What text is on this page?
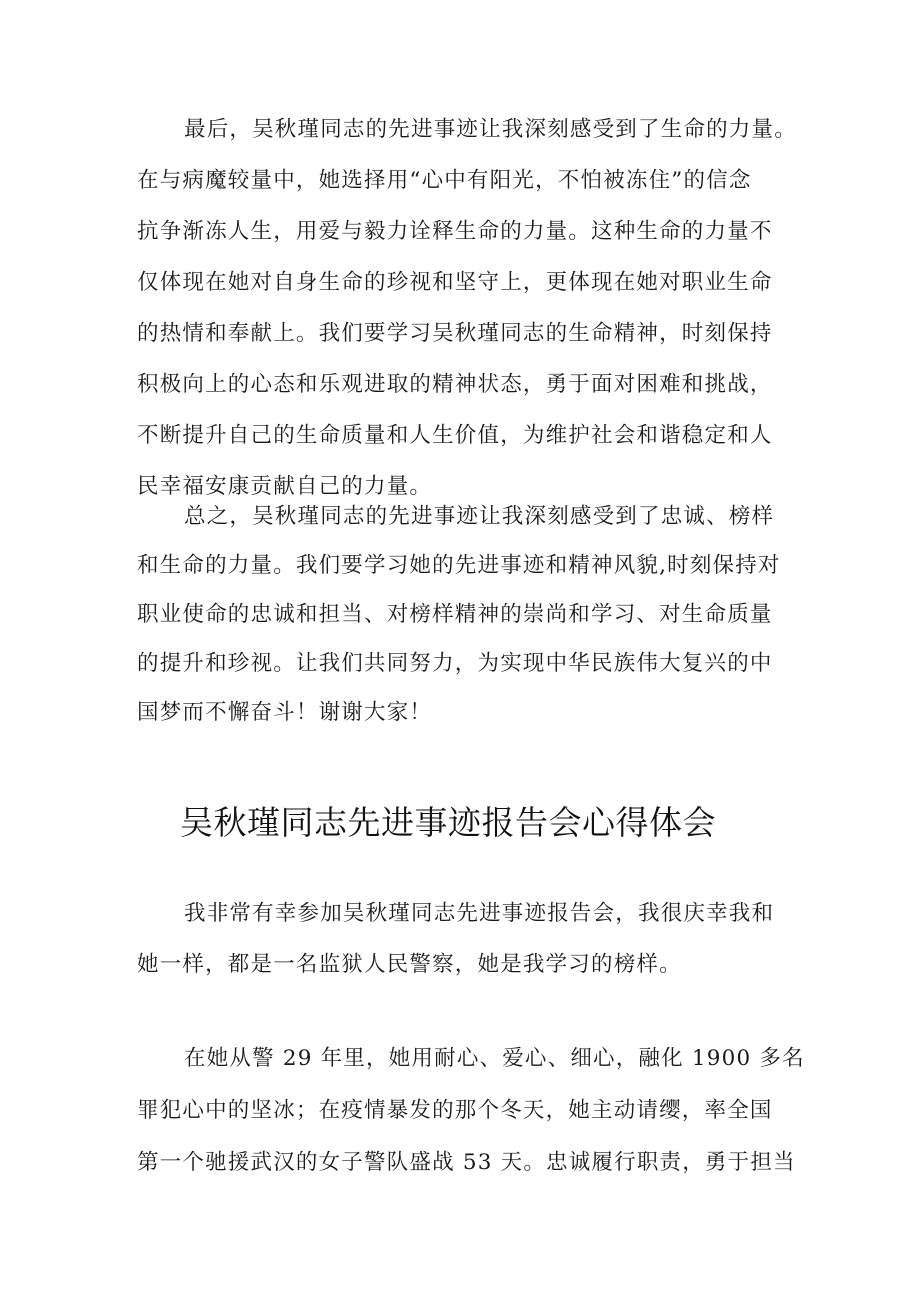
最后，吴秋瑾同志的先进事迹让我深刻感受到了生命的力量。
在与病魔较量中，她选择用“心中有阳光，不怕被冻住”的信念
抗争渐冻人生，用爱与毅力诠释生命的力量。这种生命的力量不
仅体现在她对自身生命的珍视和坚守上，更体现在她对职业生命
的热情和奉献上。我们要学习吴秋瑾同志的生命精神，时刻保持
积极向上的心态和乐观进取的精神状态，勇于面对困难和挑战，
不断提升自己的生命质量和人生价值，为维护社会和谐稳定和人
民幸福安康贡献自己的力量。
总之，吴秋瑾同志的先进事迹让我深刻感受到了忠诚、榜样
和生命的力量。我们要学习她的先进事迹和精神风貌,时刻保持对
职业使命的忠诚和担当、对榜样精神的崇尚和学习、对生命质量
的提升和珍视。让我们共同努力，为实现中华民族伟大复兴的中
国梦而不懈奋斗！谢谢大家！
吴秋瑾同志先进事迹报告会心得体会
我非常有幸参加吴秋瑾同志先进事迹报告会，我很庆幸我和
她一样，都是一名监狱人民警察，她是我学习的榜样。
在她从警 29 年里，她用耐心、爱心、细心，融化 1900 多名
罪犯心中的坚冰；在疫情暴发的那个冬天，她主动请缨，率全国
第一个驰援武汉的女子警队盛战 53 天。忠诚履行职责，勇于担当
